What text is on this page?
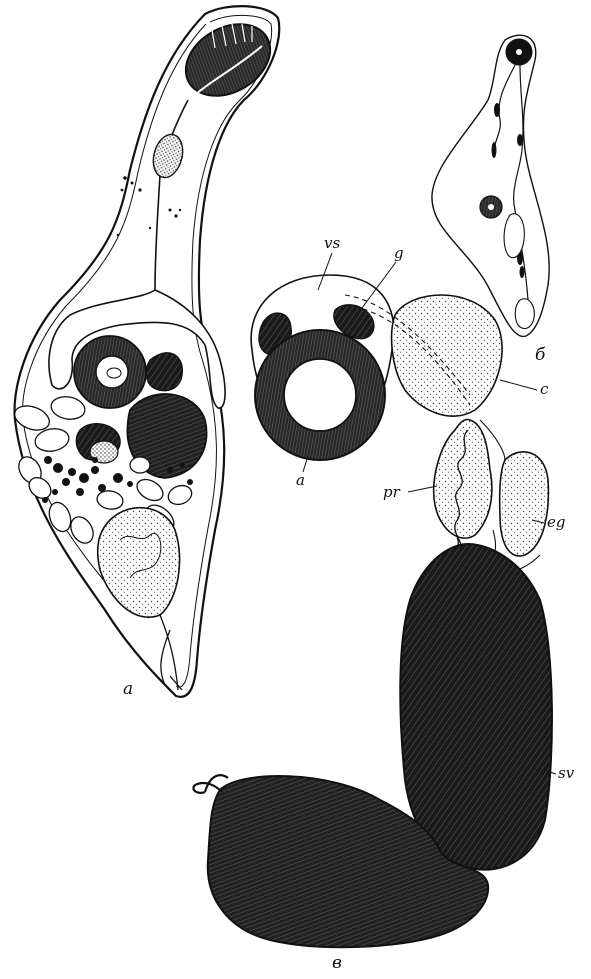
а
б
vs
g
c
a
pr
eg
sv
в
